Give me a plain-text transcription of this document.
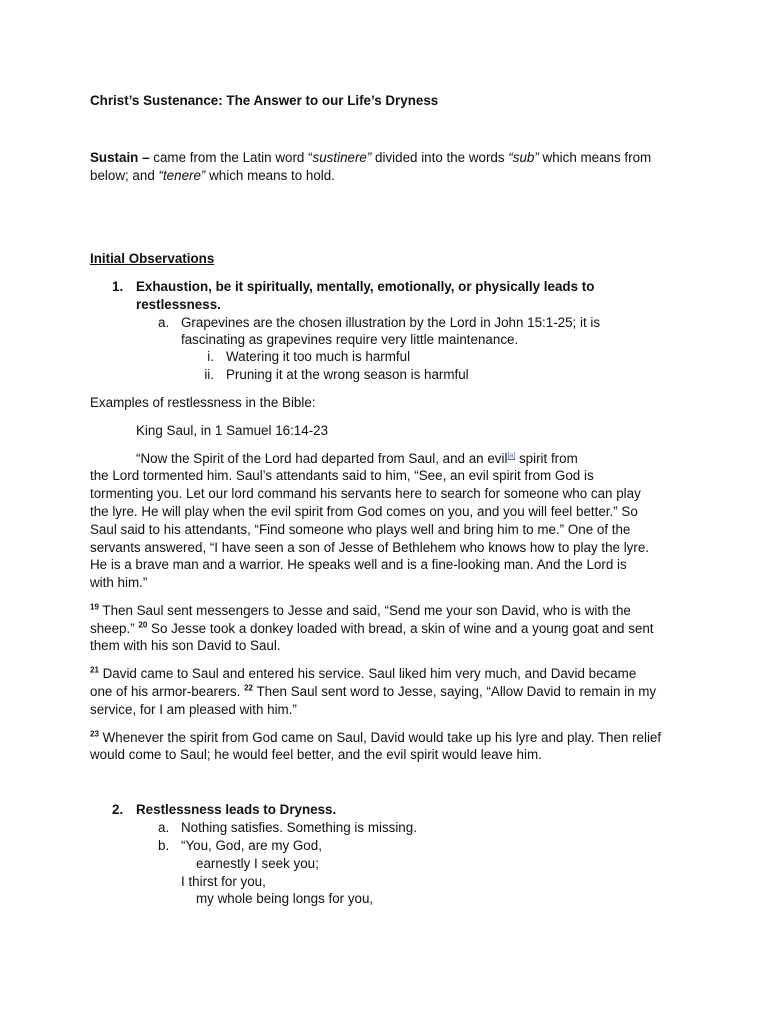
Christ’s Sustenance: The Answer to our Life’s Dryness
Sustain – came from the Latin word “sustinere” divided into the words “sub” which means from
below; and “tenere” which means to hold.
Initial Observations
1. Exhaustion, be it spiritually, mentally, emotionally, or physically leads to
restlessness.
a. Grapevines are the chosen illustration by the Lord in John 15:1-25; it is
fascinating as grapevines require very little maintenance.
i. Watering it too much is harmful
ii. Pruning it at the wrong season is harmful
Examples of restlessness in the Bible:
King Saul, in 1 Samuel 16:14-23
“Now the Spirit of the Lord had departed from Saul, and an evil[a] spirit from
the Lord tormented him. Saul’s attendants said to him, “See, an evil spirit from God is
tormenting you. Let our lord command his servants here to search for someone who can play
the lyre. He will play when the evil spirit from God comes on you, and you will feel better.” So
Saul said to his attendants, “Find someone who plays well and bring him to me.” One of the
servants answered, “I have seen a son of Jesse of Bethlehem who knows how to play the lyre.
He is a brave man and a warrior. He speaks well and is a fine-looking man. And the Lord is
with him.”
$^{19}$ Then Saul sent messengers to Jesse and said, “Send me your son David, who is with the
sheep.” $^{20}$ So Jesse took a donkey loaded with bread, a skin of wine and a young goat and sent
them with his son David to Saul.
$^{21}$ David came to Saul and entered his service. Saul liked him very much, and David became
one of his armor-bearers. $^{22}$ Then Saul sent word to Jesse, saying, “Allow David to remain in my
service, for I am pleased with him.”
$^{23}$ Whenever the spirit from God came on Saul, David would take up his lyre and play. Then relief
would come to Saul; he would feel better, and the evil spirit would leave him.
2. Restlessness leads to Dryness.
a. Nothing satisfies. Something is missing.
b. “You, God, are my God,
earnestly I seek you;
I thirst for you,
my whole being longs for you,
